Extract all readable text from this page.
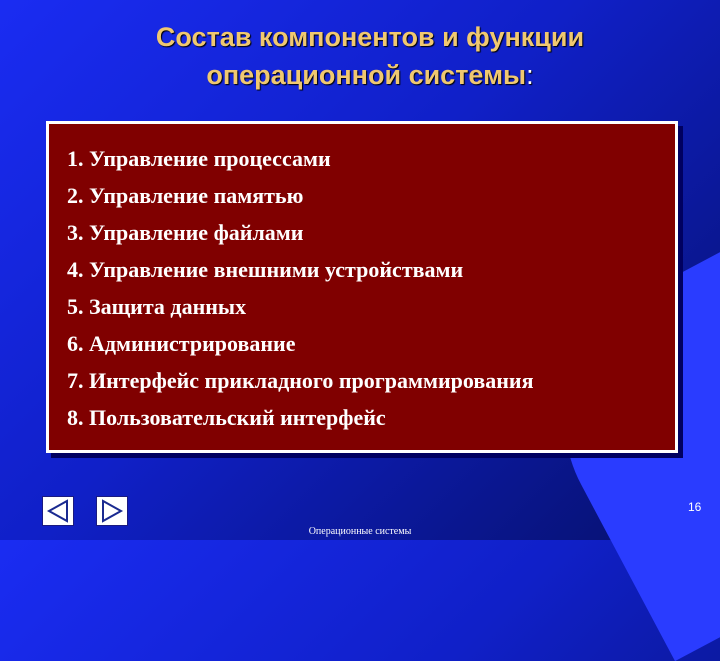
Состав компонентов и функции
операционной системы:
1. Управление процессами
2. Управление памятью
3. Управление файлами
4. Управление внешними устройствами
5. Защита данных
6. Администрирование
7. Интерфейс прикладного программирования
8. Пользовательский интерфейс
16
Операционные системы
